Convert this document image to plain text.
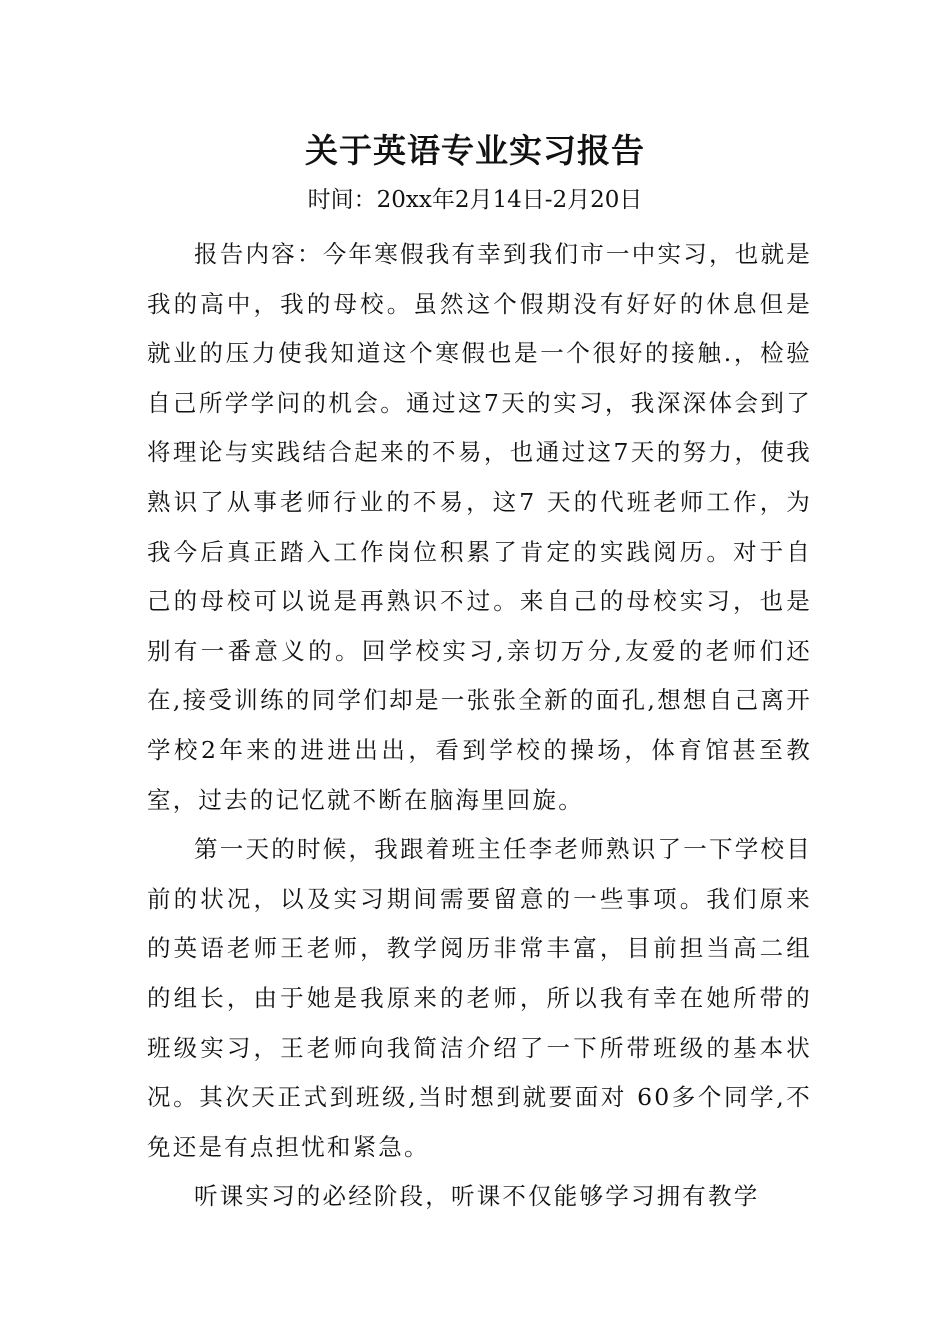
关于英语专业实习报告

时间：20xx年2月14日-2月20日

报告内容：今年寒假我有幸到我们市一中实习，也就是我的高中，我的母校。虽然这个假期没有好好的休息但是就业的压力使我知道这个寒假也是一个很好的接触.，检验自己所学学问的机会。通过这7天的实习，我深深体会到了将理论与实践结合起来的不易，也通过这7天的努力，使我熟识了从事老师行业的不易，这7 天的代班老师工作，为我今后真正踏入工作岗位积累了肯定的实践阅历。对于自己的母校可以说是再熟识不过。来自己的母校实习，也是别有一番意义的。回学校实习,亲切万分,友爱的老师们还在,接受训练的同学们却是一张张全新的面孔,想想自己离开学校2年来的进进出出，看到学校的操场，体育馆甚至教室，过去的记忆就不断在脑海里回旋。

第一天的时候，我跟着班主任李老师熟识了一下学校目前的状况，以及实习期间需要留意的一些事项。我们原来的英语老师王老师，教学阅历非常丰富，目前担当高二组的组长，由于她是我原来的老师，所以我有幸在她所带的班级实习，王老师向我简洁介绍了一下所带班级的基本状况。其次天正式到班级,当时想到就要面对 60多个同学,不免还是有点担忧和紧急。

听课实习的必经阶段，听课不仅能够学习拥有教学
